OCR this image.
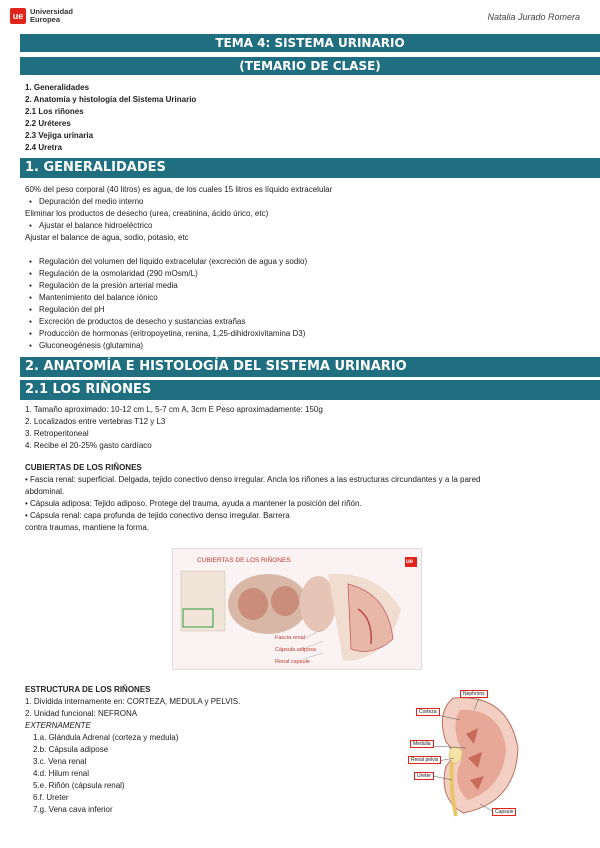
ue Universidad
Europea	Natalia Jurado Romera
TEMA 4: SISTEMA URINARIO
(TEMARIO DE CLASE)
1. Generalidades
2. Anatomía y histología del Sistema Urinario
2.1 Los riñones
2.2 Uréteres
2.3 Vejiga urinaria
2.4 Uretra
1. GENERALIDADES
60% del peso corporal (40 litros) es agua, de los cuales 15 litros es líquido extracelular
● Depuración del medio interno
Eliminar los productos de desecho (urea, creatinina, ácido úrico, etc)
● Ajustar el balance hidroeléctrico
Ajustar el balance de agua, sodio, potasio, etc
● Regulación del volumen del líquido extracelular (excreción de agua y sodio)
● Regulación de la osmolaridad (290 mOsm/L)
● Regulación de la presión arterial media
● Mantenimiento del balance iónico
● Regulación del pH
● Excreción de productos de desecho y sustancias extrañas
● Producción de hormonas (eritropoyetina, renina, 1,25-dihidroxivitamina D3)
● Gluconeogénesis (glutamina)
2. ANATOMÍA E HISTOLOGÍA DEL SISTEMA URINARIO
2.1 LOS RIÑONES
1. Tamaño aproximado: 10-12 cm L, 5-7 cm A, 3cm E Peso aproximadamente: 150g
2. Localizados entre vertebras T12 y L3
3. Retroperitoneal
4. Recibe el 20-25% gasto cardíaco
CUBIERTAS DE LOS RIÑONES
• Fascia renal: superficial. Delgada, tejido conectivo denso irregular. Ancla los riñones a las estructuras circundantes y a la pared
abdominal.
• Cápsula adiposa: Tejido adiposo. Protege del trauma, ayuda a mantener la posición del riñón.
• Cápsula renal: capa profunda de tejido conectivo denso irregular. Barrera
contra traumas, mantiene la forma.
CUBIERTAS DE LOS RIÑONES	ue
Fascia renal
Cápsula adiposa
Renal capsule
ESTRUCTURA DE LOS RIÑONES
1. Dividida internamente en: CORTEZA, MEDULA y PELVIS.
2. Unidad funcional: NEFRONA
EXTERNAMENTE
1.a. Glándula Adrenal (corteza y medula)
2.b. Cápsula adipose
3.c. Vena renal
4.d. Hilum renal
5.e. Riñón (cápsula renal)
6.f. Ureter
7.g. Vena cava inferior
Nephrons
Corteza
Medulla
Renal pelvis
Ureter
Capsule
